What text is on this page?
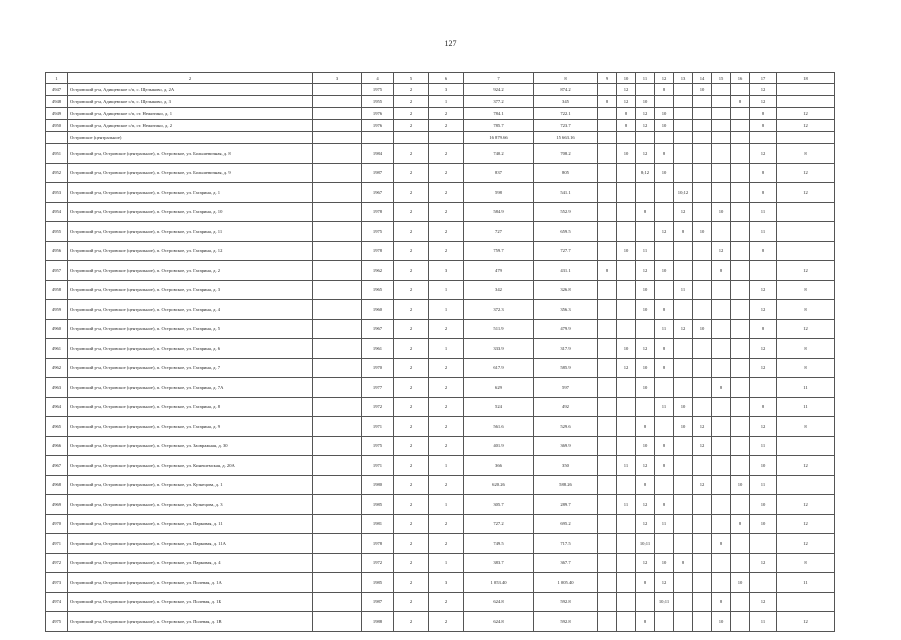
127
1	2	3	4	5	6	7	8	9	10	11	12	13	14	15	16	17	18
4947	Островский р-н, Адищевское с/п, с. Щелыково, д. 2А		1975	2	3	924.2	874.2		12		8		10			12	
4948	Островский р-н, Адищевское с/п, с. Щелыково, д. 3		1955	2	1	377.2	345	8	12	10					8	12	
4949	Островский р-н, Адищевское с/п, ст. Нежитино, д. 1		1976	2	2	784.1	722.1		8	12	10					8	12
4950	Островский р-н, Адищевское с/п, ст. Нежитино, д. 2		1976	2	2	785.7	723.7		8	12	10					8	12
	Островское (центральное)					16 879.66	15 663.16										
4951	Островский р-н, Островское (центральное), п. Островское, ул. Большевичная, д. 8		1984	2	2	740.2	708.2		10	12	8					12	8
4952	Островский р-н, Островское (центральное), п. Островское, ул. Большевичная, д. 9		1987	2	2	837	805			8;12	10					8	12
4953	Островский р-н, Островское (центральное), п. Островское, ул. Гагарина, д. 1		1967	2	2	598	541.1					10;12				8	12
4954	Островский р-н, Островское (центральное), п. Островское, ул. Гагарина, д. 10		1978	2	2	584.9	552.9			8		12		10		11	
4955	Островский р-н, Островское (центральное), п. Островское, ул. Гагарина, д. 11		1975	2	2	727	659.5				12	8	10			11	
4956	Островский р-н, Островское (центральное), п. Островское, ул. Гагарина, д. 12		1978	2	2	759.7	727.7		10	11				12		8	
4957	Островский р-н, Островское (центральное), п. Островское, ул. Гагарина, д. 2		1962	2	3	479	431.1	8		12	10			8			12
4958	Островский р-н, Островское (центральное), п. Островское, ул. Гагарина, д. 3		1965	2	1	342	326.8			10		11				12	8
4959	Островский р-н, Островское (центральное), п. Островское, ул. Гагарина, д. 4		1960	2	1	372.3	356.3			10	8					12	8
4960	Островский р-н, Островское (центральное), п. Островское, ул. Гагарина, д. 5		1967	2	2	511.9	479.9				11	12	10			8	12
4961	Островский р-н, Островское (центральное), п. Островское, ул. Гагарина, д. 6		1961	2	1	333.9	317.9		10	12	8					12	8
4962	Островский р-н, Островское (центральное), п. Островское, ул. Гагарина, д. 7		1970	2	2	617.9	585.9		12	10	8					12	8
4963	Островский р-н, Островское (центральное), п. Островское, ул. Гагарина, д. 7А		1977	2	2	629	597			10				8			11
4964	Островский р-н, Островское (центральное), п. Островское, ул. Гагарина, д. 8		1972	2	2	524	492				11	10				8	11
4965	Островский р-н, Островское (центральное), п. Островское, ул. Гагарина, д. 9		1971	2	2	561.6	529.6			8		10	12			12	8
4966	Островский р-н, Островское (центральное), п. Островское, ул. Заовражная, д. 30		1975	2	2	401.9	369.9			10	8		12			11	
4967	Островский р-н, Островское (центральное), п. Островское, ул. Кинешемская, д. 20А		1971	2	1	366	350		11	12	8					10	12
4968	Островский р-н, Островское (центральное), п. Островское, ул. Кузнецова, д. 1		1980	2	2	620.26	588.26			8			12		10	11	
4969	Островский р-н, Островское (центральное), п. Островское, ул. Кузнецова, д. 3		1985	2	1	305.7	289.7		11	12	8					10	12
4970	Островский р-н, Островское (центральное), п. Островское, ул. Парковая, д. 11		1981	2	2	727.2	695.2			12	11				8	10	12
4971	Островский р-н, Островское (центральное), п. Островское, ул. Парковая, д. 11А		1978	2	2	749.5	717.5			10;11				8			12
4972	Островский р-н, Островское (центральное), п. Островское, ул. Парковая, д. 4		1972	2	1	383.7	367.7			12	10	8				12	8
4973	Островский р-н, Островское (центральное), п. Островское, ул. Полевая, д. 1А		1985	2	3	1 053.40	1 005.40			8	12				10		11
4974	Островский р-н, Островское (центральное), п. Островское, ул. Полевая, д. 1Б		1987	2	2	624.8	592.8				10;11			8		12	
4975	Островский р-н, Островское (центральное), п. Островское, ул. Полевая, д. 1В		1988	2	2	624.8	592.8			8				10		11	12
